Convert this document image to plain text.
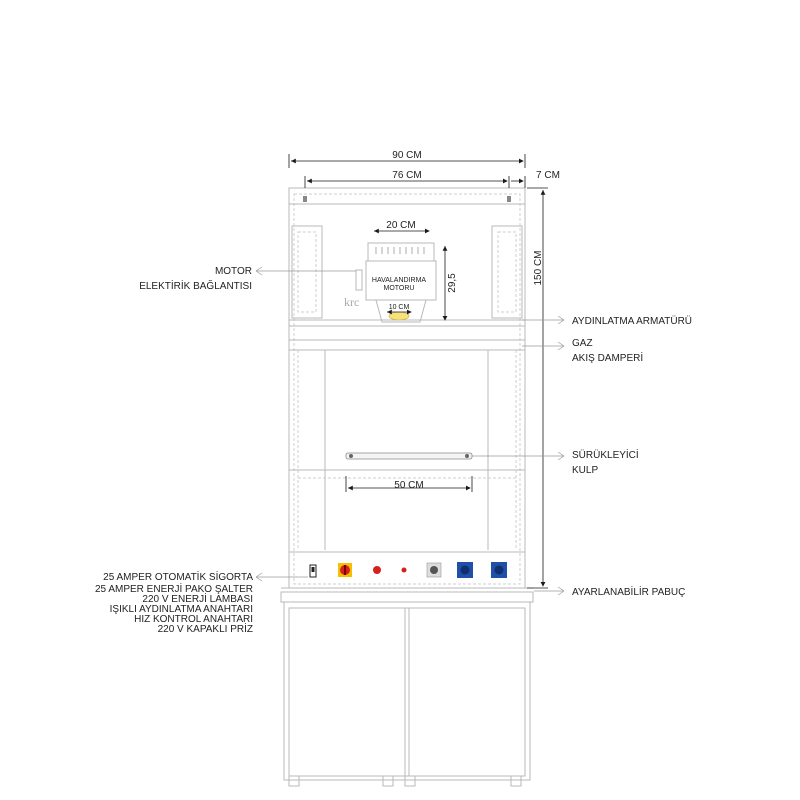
HAVALANDIRMA
MOTORU
krc
90 CM
76 CM	7 CM
150 CM
20 CM
29,5
10 CM
50 CM
MOTOR
ELEKTİRİK BAĞLANTISI
25 AMPER OTOMATİK SİGORTA
25 AMPER ENERJİ PAKO ŞALTER
220 V ENERJİ LAMBASI
IŞIKLI AYDINLATMA ANAHTARI
HIZ KONTROL ANAHTARI
220 V KAPAKLI PRİZ
AYDINLATMA ARMATÜRÜ
GAZ
AKIŞ DAMPERİ
SÜRÜKLEYİCİ
KULP
AYARLANABİLİR PABUÇ
